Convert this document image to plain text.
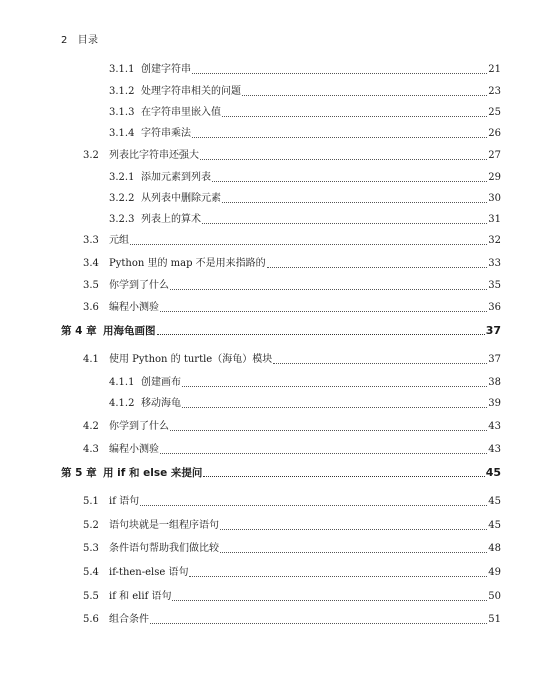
2 目录
3.1.1 创建字符串	21
3.1.2 处理字符串相关的问题	23
3.1.3 在字符串里嵌入值	25
3.1.4 字符串乘法	26
3.2	列表比字符串还强大	27
3.2.1 添加元素到列表	29
3.2.2 从列表中删除元素	30
3.2.3 列表上的算术	31
3.3	元组	32
3.4	Python 里的 map 不是用来指路的	33
3.5	你学到了什么	35
3.6	编程小测验	36
第 4 章 用海龟画图	37
4.1	使用 Python 的 turtle（海龟）模块	37
4.1.1 创建画布	38
4.1.2 移动海龟	39
4.2	你学到了什么	43
4.3	编程小测验	43
第 5 章 用 if 和 else 来提问	45
5.1	if 语句	45
5.2	语句块就是一组程序语句	45
5.3	条件语句帮助我们做比较	48
5.4	if-then-else 语句	49
5.5	if 和 elif 语句	50
5.6	组合条件	51
